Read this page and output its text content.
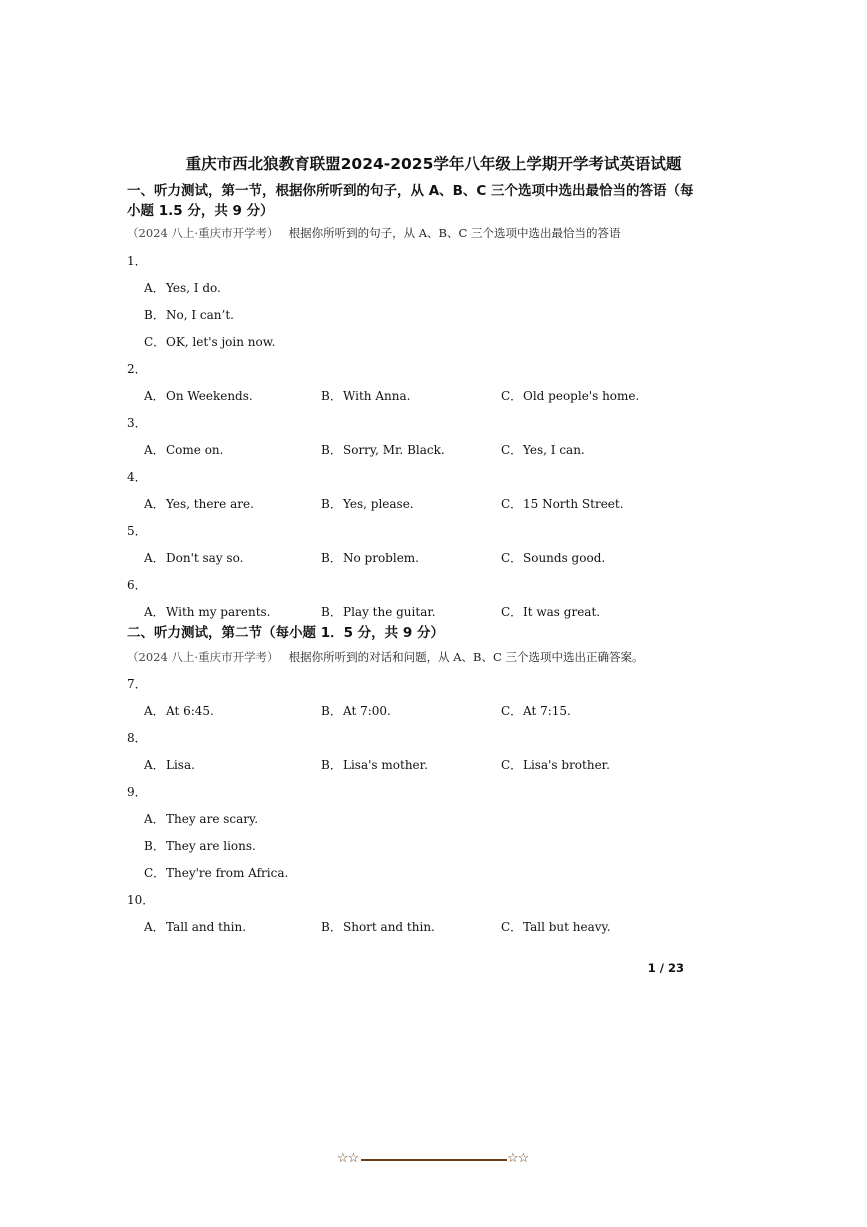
重庆市西北狼教育联盟2024-2025学年八年级上学期开学考试英语试题
一、听力测试，第一节，根据你所听到的句子，从 A、B、C 三个选项中选出最恰当的答语（每
小题 1.5 分，共 9 分）
（2024 八上·重庆市开学考） 根据你所听到的句子，从 A、B、C 三个选项中选出最恰当的答语
1．
A．Yes, I do.
B．No, I can’t.
C．OK, let's join now.
2．
A．On Weekends.	B．With Anna.	C．Old people's home.
3．
A．Come on.	B．Sorry, Mr. Black.	C．Yes, I can.
4．
A．Yes, there are.	B．Yes, please.	C．15 North Street.
5．
A．Don't say so.	B．No problem.	C．Sounds good.
6．
A．With my parents.	B．Play the guitar.	C．It was great.
二、听力测试，第二节（每小题 1．5 分，共 9 分）
（2024 八上·重庆市开学考） 根据你所听到的对话和问题，从 A、B、C 三个选项中选出正确答案。
7．
A．At 6:45.	B．At 7:00.	C．At 7:15.
8．
A．Lisa.	B．Lisa's mother.	C．Lisa's brother.
9．
A．They are scary.
B．They are lions.
C．They're from Africa.
10．
A．Tall and thin.	B．Short and thin.	C．Tall but heavy.
1 / 23
☆☆	☆☆
